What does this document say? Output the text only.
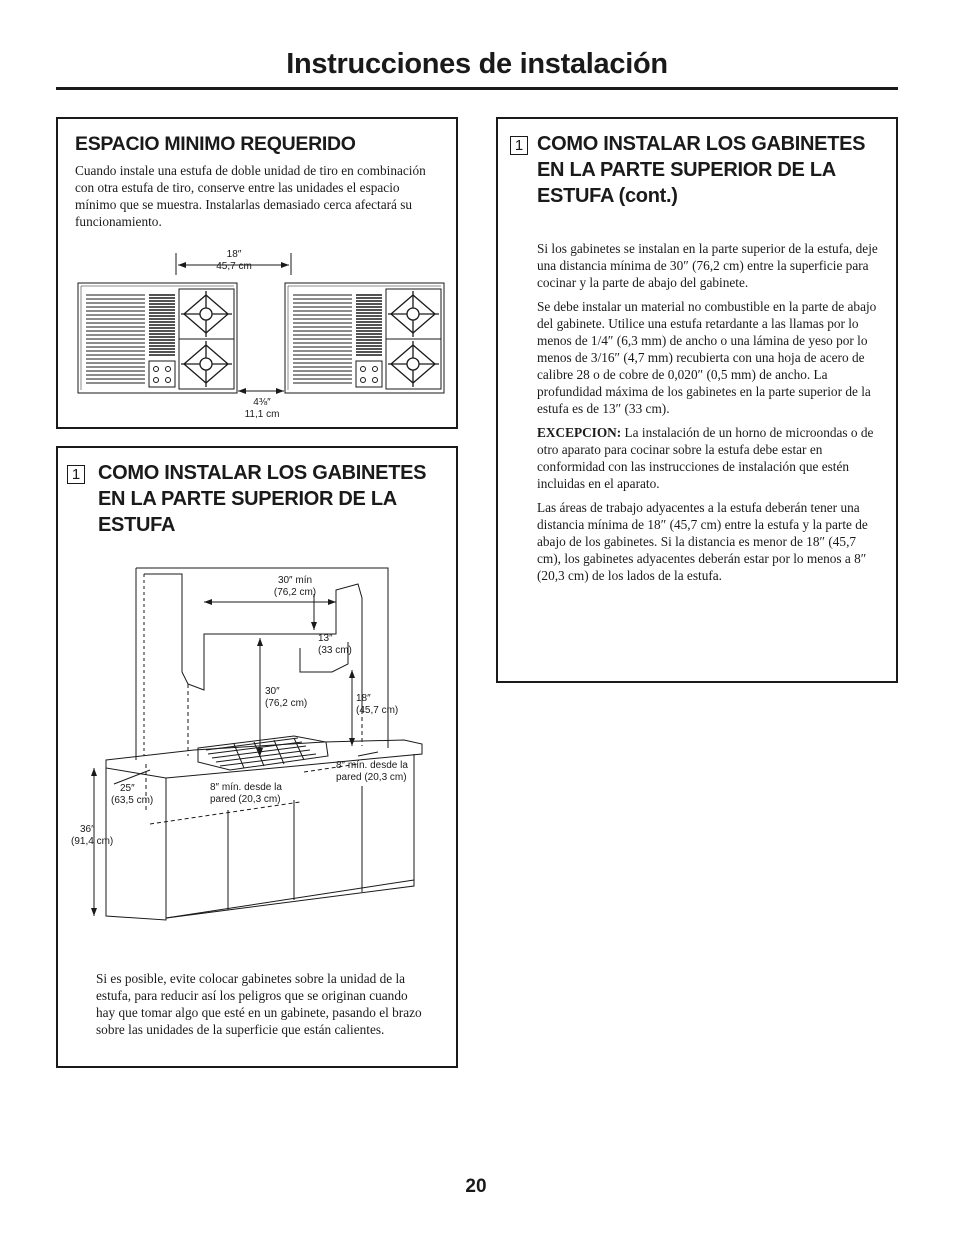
Instrucciones de instalación
ESPACIO MINIMO REQUERIDO

Cuando instale una estufa de doble unidad de tiro en combinación con otra estufa de tiro, conserve entre las unidades el espacio mínimo que se muestra. Instalarlas demasiado cerca afectará su funcionamiento.

18″
45,7 cm
4⅜″
11,1 cm
1 COMO INSTALAR LOS GABINETES EN LA PARTE SUPERIOR DE LA ESTUFA
30″ mín
(76,2 cm)
13″
(33 cm)
30″
(76,2 cm)	18″
(45,7 cm)
8″ mín. desde la
pared (20,3 cm)
25″
(63,5 cm)
8″ mín. desde la
pared (20,3 cm)
36″
(91,4 cm)

Si es posible, evite colocar gabinetes sobre la unidad de la estufa, para reducir así los peligros que se originan cuando hay que tomar algo que esté en un gabinete, pasando el brazo sobre las unidades de la superficie que están calientes.

1 COMO INSTALAR LOS GABINETES EN LA PARTE SUPERIOR DE LA ESTUFA (cont.)

Si los gabinetes se instalan en la parte superior de la estufa, deje una distancia mínima de 30″ (76,2 cm) entre la superficie para cocinar y la parte de abajo del gabinete.

Se debe instalar un material no combustible en la parte de abajo del gabinete. Utilice una estufa retardante a las llamas por lo menos de 1/4″ (6,3 mm) de ancho o una lámina de yeso por lo menos de 3/16″ (4,7 mm) recubierta con una hoja de acero de calibre 28 o de cobre de 0,020″ (0,5 mm) de ancho. La profundidad máxima de los gabinetes en la parte superior de la estufa es de 13″ (33 cm).

EXCEPCION: La instalación de un horno de microondas o de otro aparato para cocinar sobre la estufa debe estar en conformidad con las instrucciones de instalación que estén incluidas en el aparato.

Las áreas de trabajo adyacentes a la estufa deberán tener una distancia mínima de 18″ (45,7 cm) entre la estufa y la parte de abajo de los gabinetes. Si la distancia es menor de 18″ (45,7 cm), los gabinetes adyacentes deberán estar por lo menos a 8″ (20,3 cm) de los lados de la estufa.

20
